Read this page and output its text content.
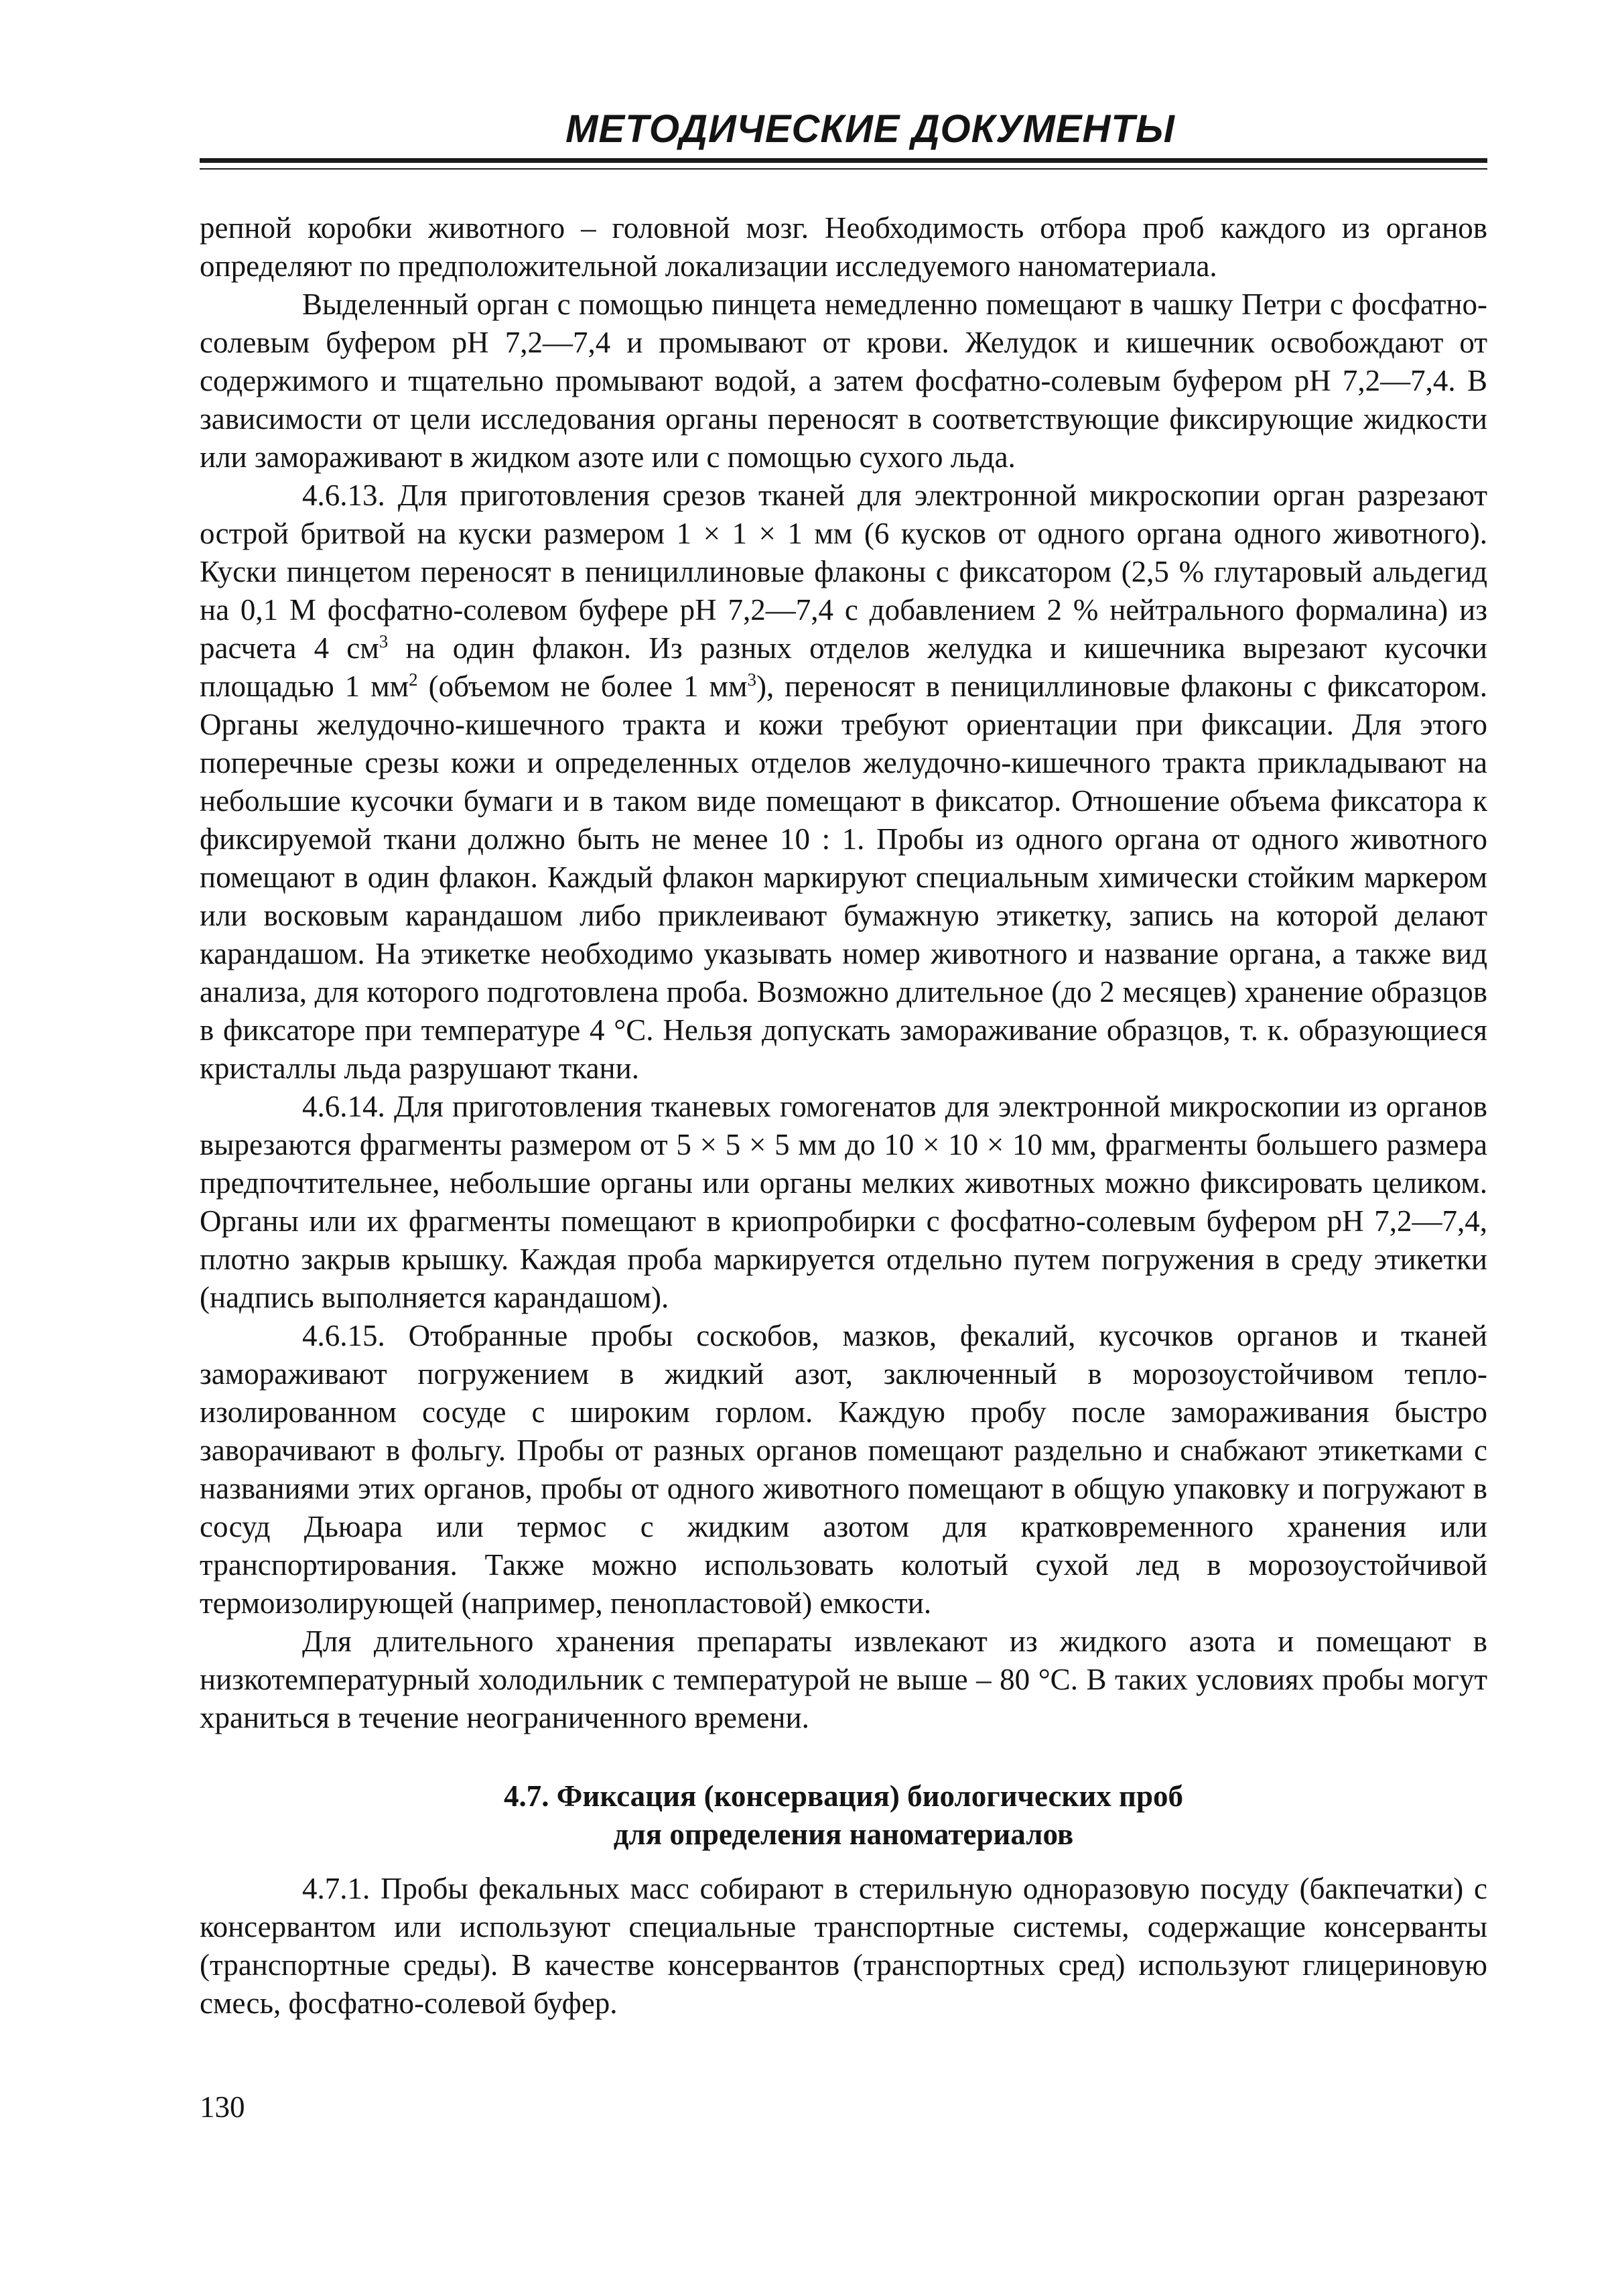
МЕТОДИЧЕСКИЕ ДОКУМЕНТЫ

репной коробки животного – головной мозг. Необходимость отбора проб каждого из органов определяют по предположительной локализации исследуемого наноматериала.

Выделенный орган с помощью пинцета немедленно помещают в чашку Петри с фосфатно-солевым буфером pH 7,2—7,4 и промывают от крови. Желудок и кишечник освобождают от содержимого и тщательно промывают водой, а затем фосфатно-солевым буфером pH 7,2—7,4. В зависимости от цели исследования органы переносят в соответствующие фиксирующие жидкости или замораживают в жидком азоте или с помощью сухого льда.

4.6.13. Для приготовления срезов тканей для электронной микроскопии орган разрезают острой бритвой на куски размером 1 × 1 × 1 мм (6 кусков от одного органа одного животного). Куски пинцетом переносят в пенициллиновые флаконы с фиксатором (2,5 % глутаровый альдегид на 0,1 М фосфатно-солевом буфере pH 7,2—7,4 с добавлением 2 % нейтрального формалина) из расчета 4 $см^3$ на один флакон. Из разных отделов желудка и кишечника вырезают кусочки площадью 1 $мм^2$ (объемом не более 1 $мм^3$), переносят в пенициллиновые флаконы с фиксатором. Органы желудочно-кишечного тракта и кожи требуют ориентации при фиксации. Для этого поперечные срезы кожи и определенных отделов желудочно-кишечного тракта прикладывают на небольшие кусочки бумаги и в таком виде помещают в фиксатор. Отношение объема фиксатора к фиксируемой ткани должно быть не менее 10 : 1. Пробы из одного органа от одного животного помещают в один флакон. Каждый флакон маркируют специальным химически стойким маркером или восковым карандашом либо приклеивают бумажную этикетку, запись на которой делают карандашом. На этикетке необходимо указывать номер животного и название органа, а также вид анализа, для которого подготовлена проба. Возможно длительное (до 2 месяцев) хранение образцов в фиксаторе при температуре 4 °С. Нельзя допускать замораживание образцов, т. к. образующиеся кристаллы льда разрушают ткани.

4.6.14. Для приготовления тканевых гомогенатов для электронной микроскопии из органов вырезаются фрагменты размером от 5 × 5 × 5 мм до 10 × 10 × 10 мм, фрагменты большего размера предпочтительнее, небольшие органы или органы мелких животных можно фиксировать целиком. Органы или их фрагменты помещают в криопробирки с фосфатно-солевым буфером pH 7,2—7,4, плотно закрыв крышку. Каждая проба маркируется отдельно путем погружения в среду этикетки (надпись выполняется карандашом).

4.6.15. Отобранные пробы соскобов, мазков, фекалий, кусочков органов и тканей замораживают погружением в жидкий азот, заключенный в морозоустойчивом теплоизолированном сосуде с широким горлом. Каждую пробу после замораживания быстро заворачивают в фольгу. Пробы от разных органов помещают раздельно и снабжают этикетками с названиями этих органов, пробы от одного животного помещают в общую упаковку и погружают в сосуд Дьюара или термос с жидким азотом для кратковременного хранения или транспортирования. Также можно использовать колотый сухой лед в морозоустойчивой термоизолирующей (например, пенопластовой) емкости.

Для длительного хранения препараты извлекают из жидкого азота и помещают в низкотемпературный холодильник с температурой не выше – 80 °С. В таких условиях пробы могут храниться в течение неограниченного времени.

4.7. Фиксация (консервация) биологических проб
для определения наноматериалов

4.7.1. Пробы фекальных масс собирают в стерильную одноразовую посуду (бакпечатки) с консервантом или используют специальные транспортные системы, содержащие консерванты (транспортные среды). В качестве консервантов (транспортных сред) используют глицериновую смесь, фосфатно-солевой буфер.

130
